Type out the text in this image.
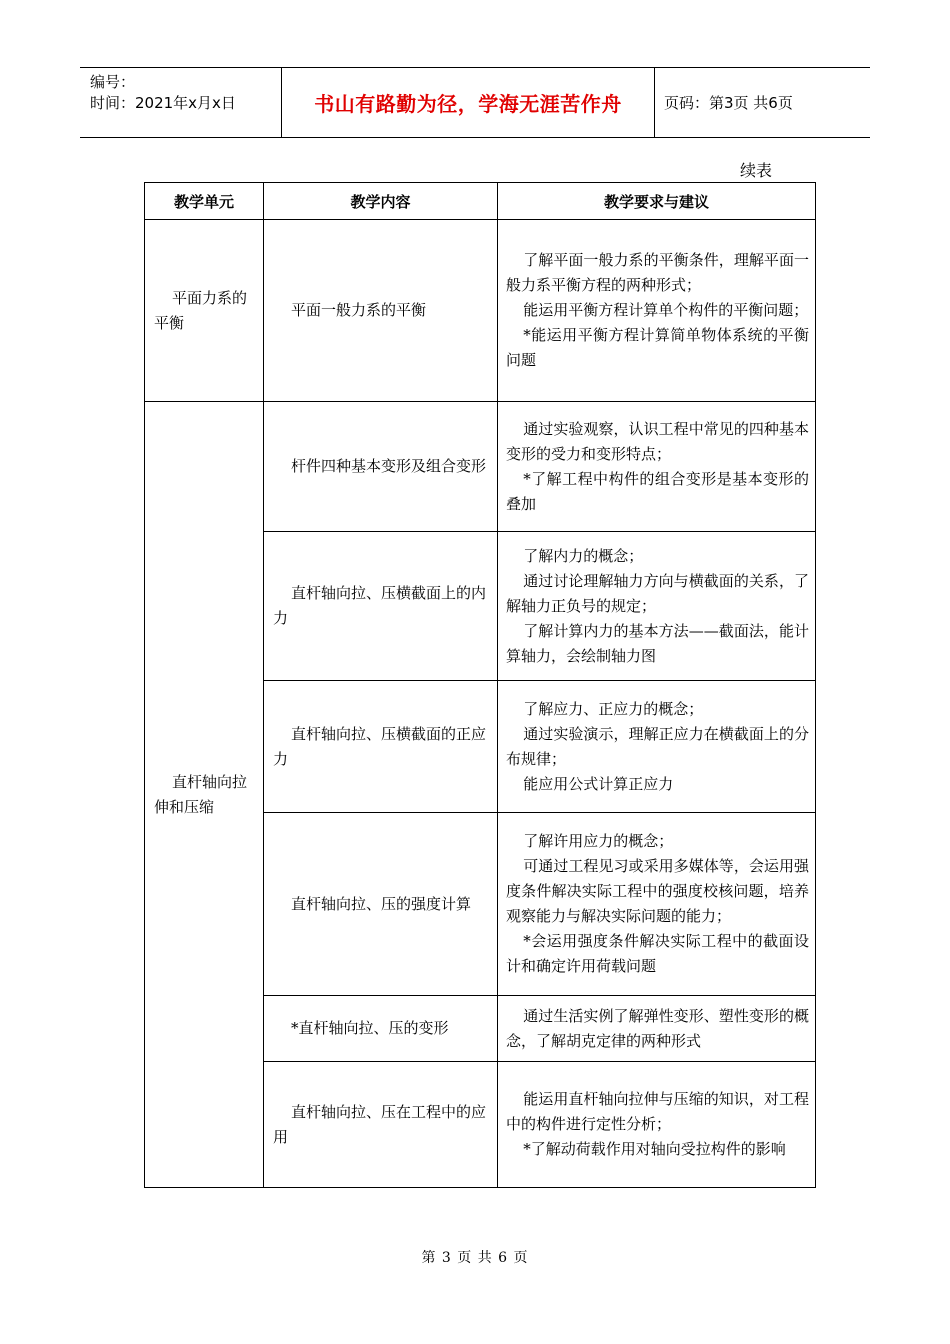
编号：
时间：2021年x月x日	书山有路勤为径，学海无涯苦作舟	页码：第3页 共6页
续表
教学单元	教学内容	教学要求与建议
平面力系的平衡	平面一般力系的平衡	了解平面一般力系的平衡条件，理解平面一般力系平衡方程的两种形式；

能运用平衡方程计算单个构件的平衡问题；

*能运用平衡方程计算简单物体系统的平衡问题

直杆轴向拉伸和压缩	杆件四种基本变形及组合变形	通过实验观察，认识工程中常见的四种基本变形的受力和变形特点；

*了解工程中构件的组合变形是基本变形的叠加

	直杆轴向拉、压横截面上的内力	了解内力的概念；

通过讨论理解轴力方向与横截面的关系，了解轴力正负号的规定；

了解计算内力的基本方法——截面法，能计算轴力，会绘制轴力图

	直杆轴向拉、压横截面的正应力	了解应力、正应力的概念；

通过实验演示，理解正应力在横截面上的分布规律；

能应用公式计算正应力

	直杆轴向拉、压的强度计算	了解许用应力的概念；

可通过工程见习或采用多媒体等，会运用强度条件解决实际工程中的强度校核问题，培养观察能力与解决实际问题的能力；

*会运用强度条件解决实际工程中的截面设计和确定许用荷载问题

	*直杆轴向拉、压的变形	通过生活实例了解弹性变形、塑性变形的概念，了解胡克定律的两种形式

	直杆轴向拉、压在工程中的应用	能运用直杆轴向拉伸与压缩的知识，对工程中的构件进行定性分析；

*了解动荷载作用对轴向受拉构件的影响

第 3 页 共 6 页
